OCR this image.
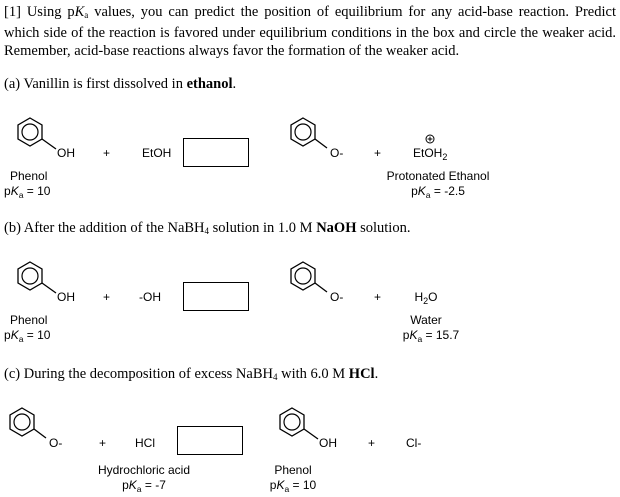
[1] Using $pK_a$ values, you can predict the position of equilibrium for any acid-base reaction. Predict which side of the reaction is favored under equilibrium conditions in the box and circle the weaker acid. Remember, acid-base reactions always favor the formation of the weaker acid.
(a) Vanillin is first dissolved in ethanol.
OH
Phenol
$pK_a = 10$
+	EtOH	O-	+	EtOH$_2$
Protonated Ethanol
$pK_a = -2.5$
(b) After the addition of the NaBH$_4$ solution in 1.0 M NaOH solution.
OH
Phenol
$pK_a = 10$
+ -OH	O-	+	$H_2O$
Water
$pK_a = 15.7$
(c) During the decomposition of excess NaBH$_4$ with 6.0 M HCl.
O-	+ HCl
Hydrochloric acid
$pK_a = -7$
OH
Phenol
$pK_a = 10$
+	Cl-
